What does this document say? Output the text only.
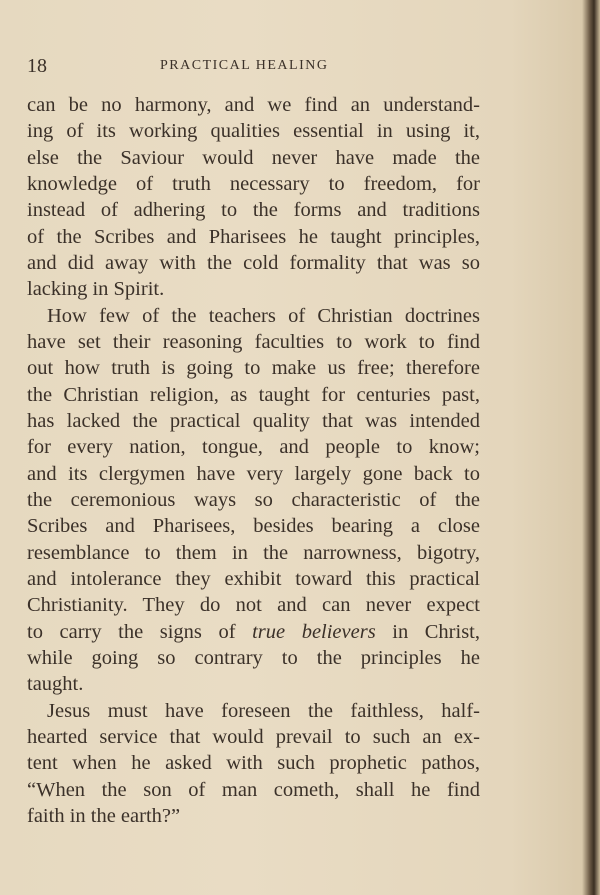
18	PRACTICAL HEALING
can be no harmony, and we find an understand-
ing of its working qualities essential in using it,
else the Saviour would never have made the
knowledge of truth necessary to freedom, for
instead of adhering to the forms and traditions
of the Scribes and Pharisees he taught principles,
and did away with the cold formality that was so
lacking in Spirit.
How few of the teachers of Christian doctrines
have set their reasoning faculties to work to find
out how truth is going to make us free; therefore
the Christian religion, as taught for centuries past,
has lacked the practical quality that was intended
for every nation, tongue, and people to know;
and its clergymen have very largely gone back to
the ceremonious ways so characteristic of the
Scribes and Pharisees, besides bearing a close
resemblance to them in the narrowness, bigotry,
and intolerance they exhibit toward this practical
Christianity. They do not and can never expect
to carry the signs of true believers in Christ,
while going so contrary to the principles he
taught.
Jesus must have foreseen the faithless, half-
hearted service that would prevail to such an ex-
tent when he asked with such prophetic pathos,
“When the son of man cometh, shall he find
faith in the earth?”
